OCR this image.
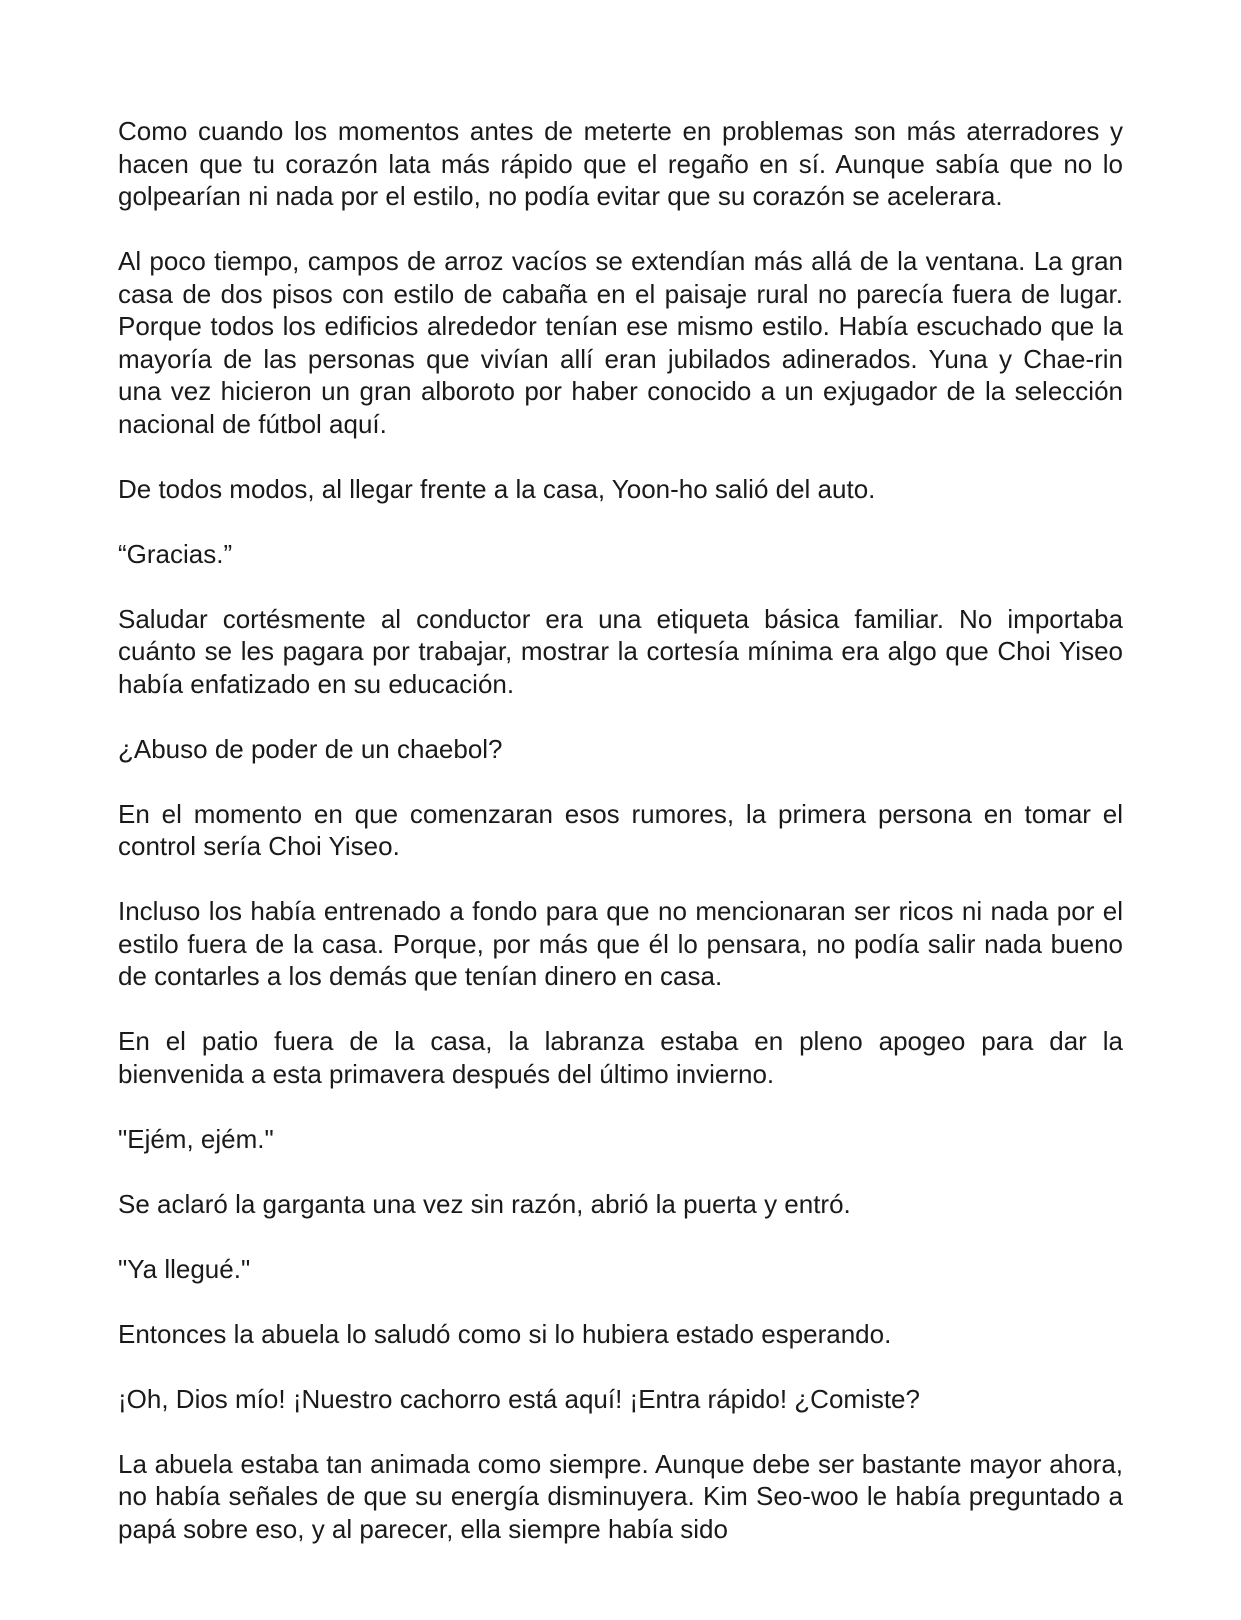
Como cuando los momentos antes de meterte en problemas son más aterradores y hacen que tu corazón lata más rápido que el regaño en sí. Aunque sabía que no lo golpearían ni nada por el estilo, no podía evitar que su corazón se acelerara.

Al poco tiempo, campos de arroz vacíos se extendían más allá de la ventana. La gran casa de dos pisos con estilo de cabaña en el paisaje rural no parecía fuera de lugar. Porque todos los edificios alrededor tenían ese mismo estilo. Había escuchado que la mayoría de las personas que vivían allí eran jubilados adinerados. Yuna y Chae-rin una vez hicieron un gran alboroto por haber conocido a un exjugador de la selección nacional de fútbol aquí.

De todos modos, al llegar frente a la casa, Yoon-ho salió del auto.

“Gracias.”

Saludar cortésmente al conductor era una etiqueta básica familiar. No importaba cuánto se les pagara por trabajar, mostrar la cortesía mínima era algo que Choi Yiseo había enfatizado en su educación.

¿Abuso de poder de un chaebol?

En el momento en que comenzaran esos rumores, la primera persona en tomar el control sería Choi Yiseo.

Incluso los había entrenado a fondo para que no mencionaran ser ricos ni nada por el estilo fuera de la casa. Porque, por más que él lo pensara, no podía salir nada bueno de contarles a los demás que tenían dinero en casa.

En el patio fuera de la casa, la labranza estaba en pleno apogeo para dar la bienvenida a esta primavera después del último invierno.

"Ejém, ejém."

Se aclaró la garganta una vez sin razón, abrió la puerta y entró.

"Ya llegué."

Entonces la abuela lo saludó como si lo hubiera estado esperando.

¡Oh, Dios mío! ¡Nuestro cachorro está aquí! ¡Entra rápido! ¿Comiste?

La abuela estaba tan animada como siempre. Aunque debe ser bastante mayor ahora, no había señales de que su energía disminuyera. Kim Seo-woo le había preguntado a papá sobre eso, y al parecer, ella siempre había sido
